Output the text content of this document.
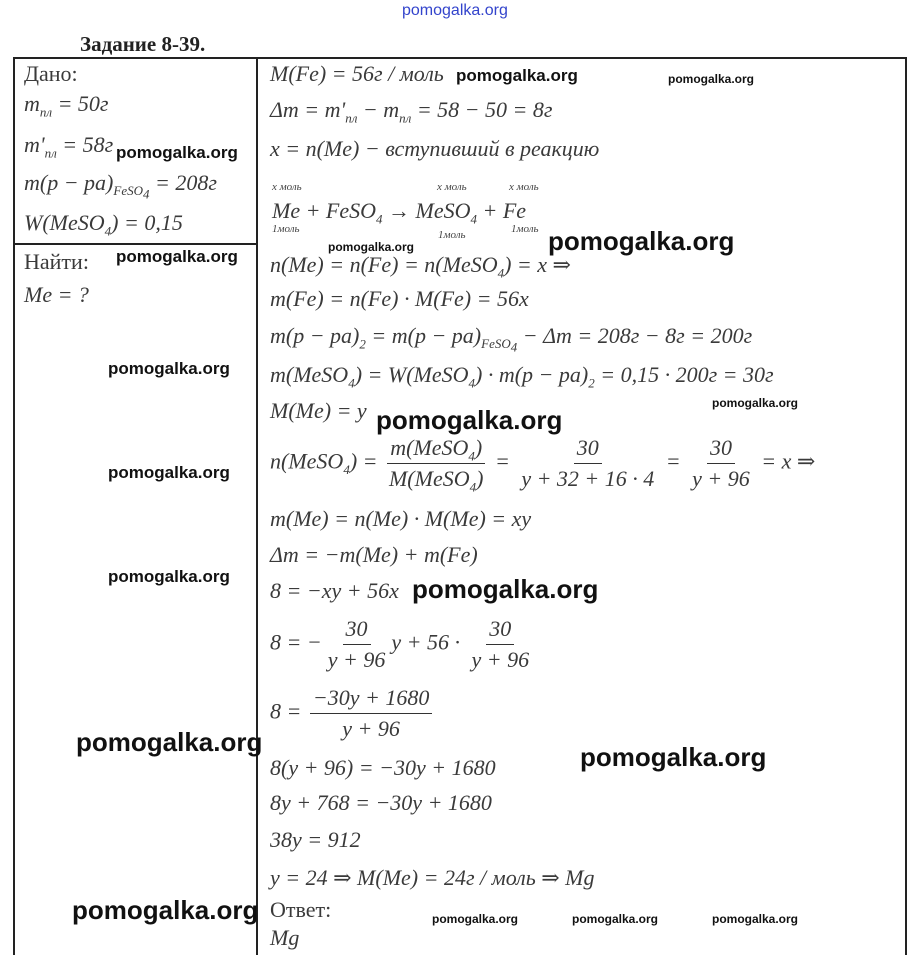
pomogalka.org
Задание 8-39.
Дано:
$m_{пл} = 50г$
$m'_{пл} = 58г$
$m(p - pa)_{FeSO_4} = 208г$
W(MeSO$_4$) = 0,15
Найти:
Me = ?
M(Fe) = 56г / моль
$\Delta m = m'_{пл} - m_{пл} = 58 - 50 = 8г$
x = n(Me) − вступивший в реакцию
x моль	x моль	x моль
Me + FeSO$_4$ → MeSO$_4$ + Fe
1моль	1моль	1моль
n(Me) = n(Fe) = n(MeSO$_4$) = x ⇒
m(Fe) = n(Fe) · M(Fe) = 56x
$m(p - pa)_2 = m(p - pa)_{FeSO_4} - \Delta m = 208г - 8г = 200г$
m(MeSO$_4$) = W(MeSO$_4$) · $m(p - pa)_2 = 0,15 \cdot 200г = 30г$
M(Me) = y
n(MeSO$_4$) = $\frac{m(MeSO_4)}{M(MeSO_4)} = \frac{30}{y + 32 + 16 \cdot 4} = \frac{30}{y + 96} = x$ ⇒
m(Me) = n(Me) · M(Me) = xy
Δm = −m(Me) + m(Fe)
8 = −xy + 56x
8 = − $\frac{30}{y + 96}$ $y + 56 \cdot \frac{30}{y + 96}$
$8 = \frac{-30y + 1680}{y + 96}$
8(y + 96) = −30y + 1680
8y + 768 = −30y + 1680
38y = 912
y = 24 ⇒ M(Me) = 24г / моль ⇒ Mg
Ответ:
Mg
pomogalka.org	pomogalka.org
pomogalka.org
pomogalka.org	pomogalka.org
pomogalka.org
pomogalka.org
pomogalka.org
pomogalka.org
pomogalka.org
pomogalka.org	pomogalka.org
pomogalka.org	pomogalka.org
pomogalka.org	pomogalka.org	pomogalka.org	pomogalka.org
